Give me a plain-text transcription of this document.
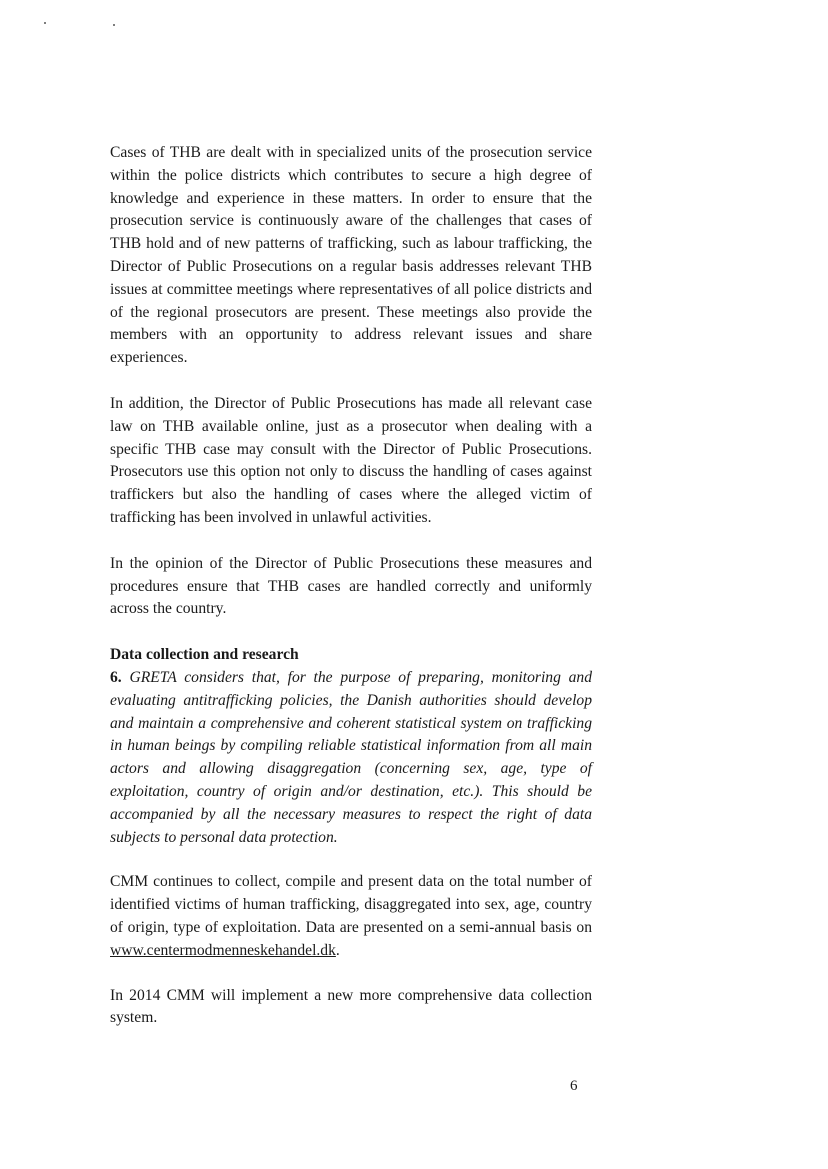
Cases of THB are dealt with in specialized units of the prosecution service within the police districts which contributes to secure a high degree of knowledge and experience in these matters. In order to ensure that the prosecution service is continuously aware of the challenges that cases of THB hold and of new patterns of trafficking, such as labour trafficking, the Director of Public Prosecutions on a regular basis addresses relevant THB issues at committee meetings where representatives of all police districts and of the regional prosecutors are present. These meetings also provide the members with an opportunity to address relevant issues and share experiences.

In addition, the Director of Public Prosecutions has made all relevant case law on THB available online, just as a prosecutor when dealing with a specific THB case may consult with the Director of Public Prosecutions. Prosecutors use this option not only to discuss the handling of cases against traffickers but also the handling of cases where the alleged victim of trafficking has been involved in unlawful activities.

In the opinion of the Director of Public Prosecutions these measures and procedures ensure that THB cases are handled correctly and uniformly across the country.

Data collection and research

6. GRETA considers that, for the purpose of preparing, monitoring and evaluating antitrafficking policies, the Danish authorities should develop and maintain a comprehensive and coherent statistical system on trafficking in human beings by compiling reliable statistical information from all main actors and allowing disaggregation (concerning sex, age, type of exploitation, country of origin and/or destination, etc.). This should be accompanied by all the necessary measures to respect the right of data subjects to personal data protection.

CMM continues to collect, compile and present data on the total number of identified victims of human trafficking, disaggregated into sex, age, country of origin, type of exploitation. Data are presented on a semi-annual basis on www.centermodmenneskehandel.dk.

In 2014 CMM will implement a new more comprehensive data collection system.

6
